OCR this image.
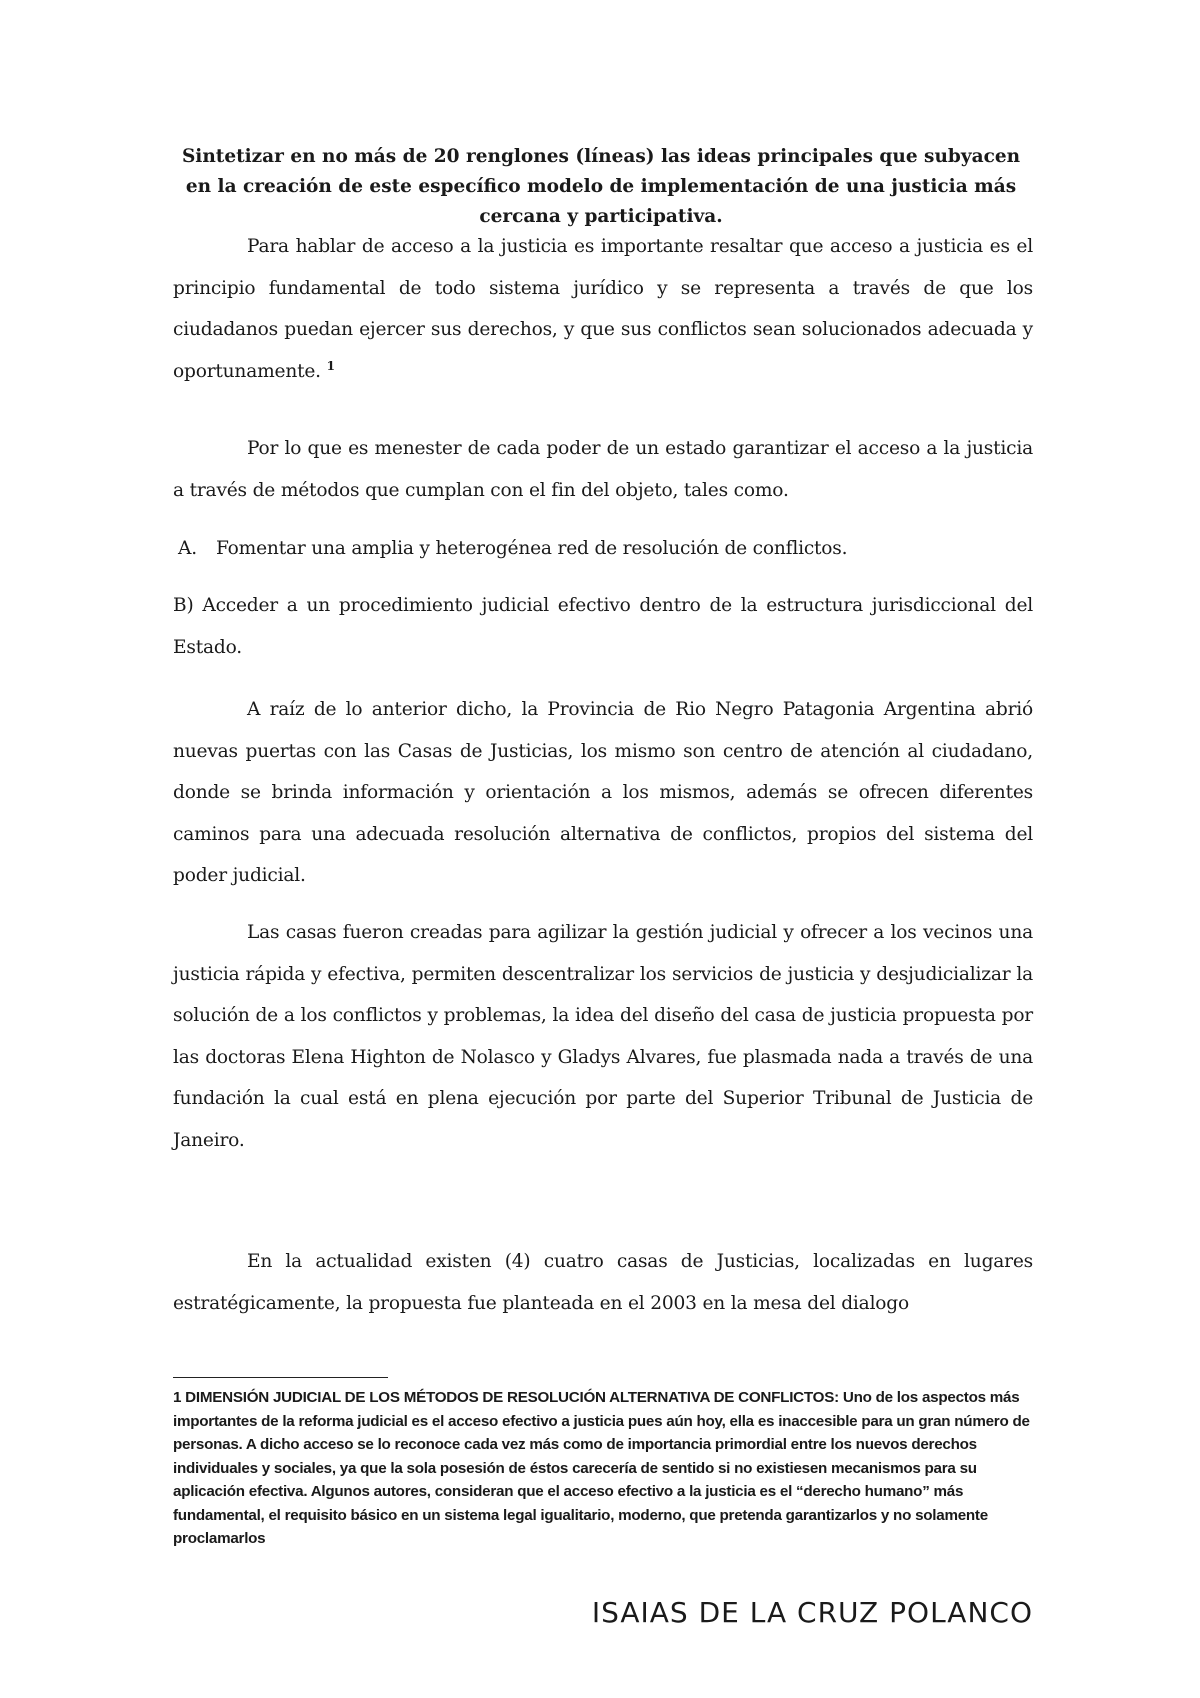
Sintetizar en no más de 20 renglones (líneas) las ideas principales que subyacen en la creación de este específico modelo de implementación de una justicia más cercana y participativa.

Para hablar de acceso a la justicia es importante resaltar que acceso a justicia es el principio fundamental de todo sistema jurídico y se representa a través de que los ciudadanos puedan ejercer sus derechos, y que sus conflictos sean solucionados adecuada y oportunamente. $^1$

Por lo que es menester de cada poder de un estado garantizar el acceso a la justicia a través de métodos que cumplan con el fin del objeto, tales como.

A. Fomentar una amplia y heterogénea red de resolución de conflictos.

B) Acceder a un procedimiento judicial efectivo dentro de la estructura jurisdiccional del Estado.

A raíz de lo anterior dicho, la Provincia de Rio Negro Patagonia Argentina abrió nuevas puertas con las Casas de Justicias, los mismo son centro de atención al ciudadano, donde se brinda información y orientación a los mismos, además se ofrecen diferentes caminos para una adecuada resolución alternativa de conflictos, propios del sistema del poder judicial.

Las casas fueron creadas para agilizar la gestión judicial y ofrecer a los vecinos una justicia rápida y efectiva, permiten descentralizar los servicios de justicia y desjudicializar la solución de a los conflictos y problemas, la idea del diseño del casa de justicia propuesta por las doctoras Elena Highton de Nolasco y Gladys Alvares, fue plasmada nada a través de una fundación la cual está en plena ejecución por parte del Superior Tribunal de Justicia de Janeiro.

En la actualidad existen (4) cuatro casas de Justicias, localizadas en lugares estratégicamente, la propuesta fue planteada en el 2003 en la mesa del dialogo

1 DIMENSIÓN JUDICIAL DE LOS MÉTODOS DE RESOLUCIÓN ALTERNATIVA DE CONFLICTOS: Uno de los aspectos más importantes de la reforma judicial es el acceso efectivo a justicia pues aún hoy, ella es inaccesible para un gran número de personas. A dicho acceso se lo reconoce cada vez más como de importancia primordial entre los nuevos derechos individuales y sociales, ya que la sola posesión de éstos carecería de sentido si no existiesen mecanismos para su aplicación efectiva. Algunos autores, consideran que el acceso efectivo a la justicia es el “derecho humano” más fundamental, el requisito básico en un sistema legal igualitario, moderno, que pretenda garantizarlos y no solamente proclamarlos

ISAIAS DE LA CRUZ POLANCO
